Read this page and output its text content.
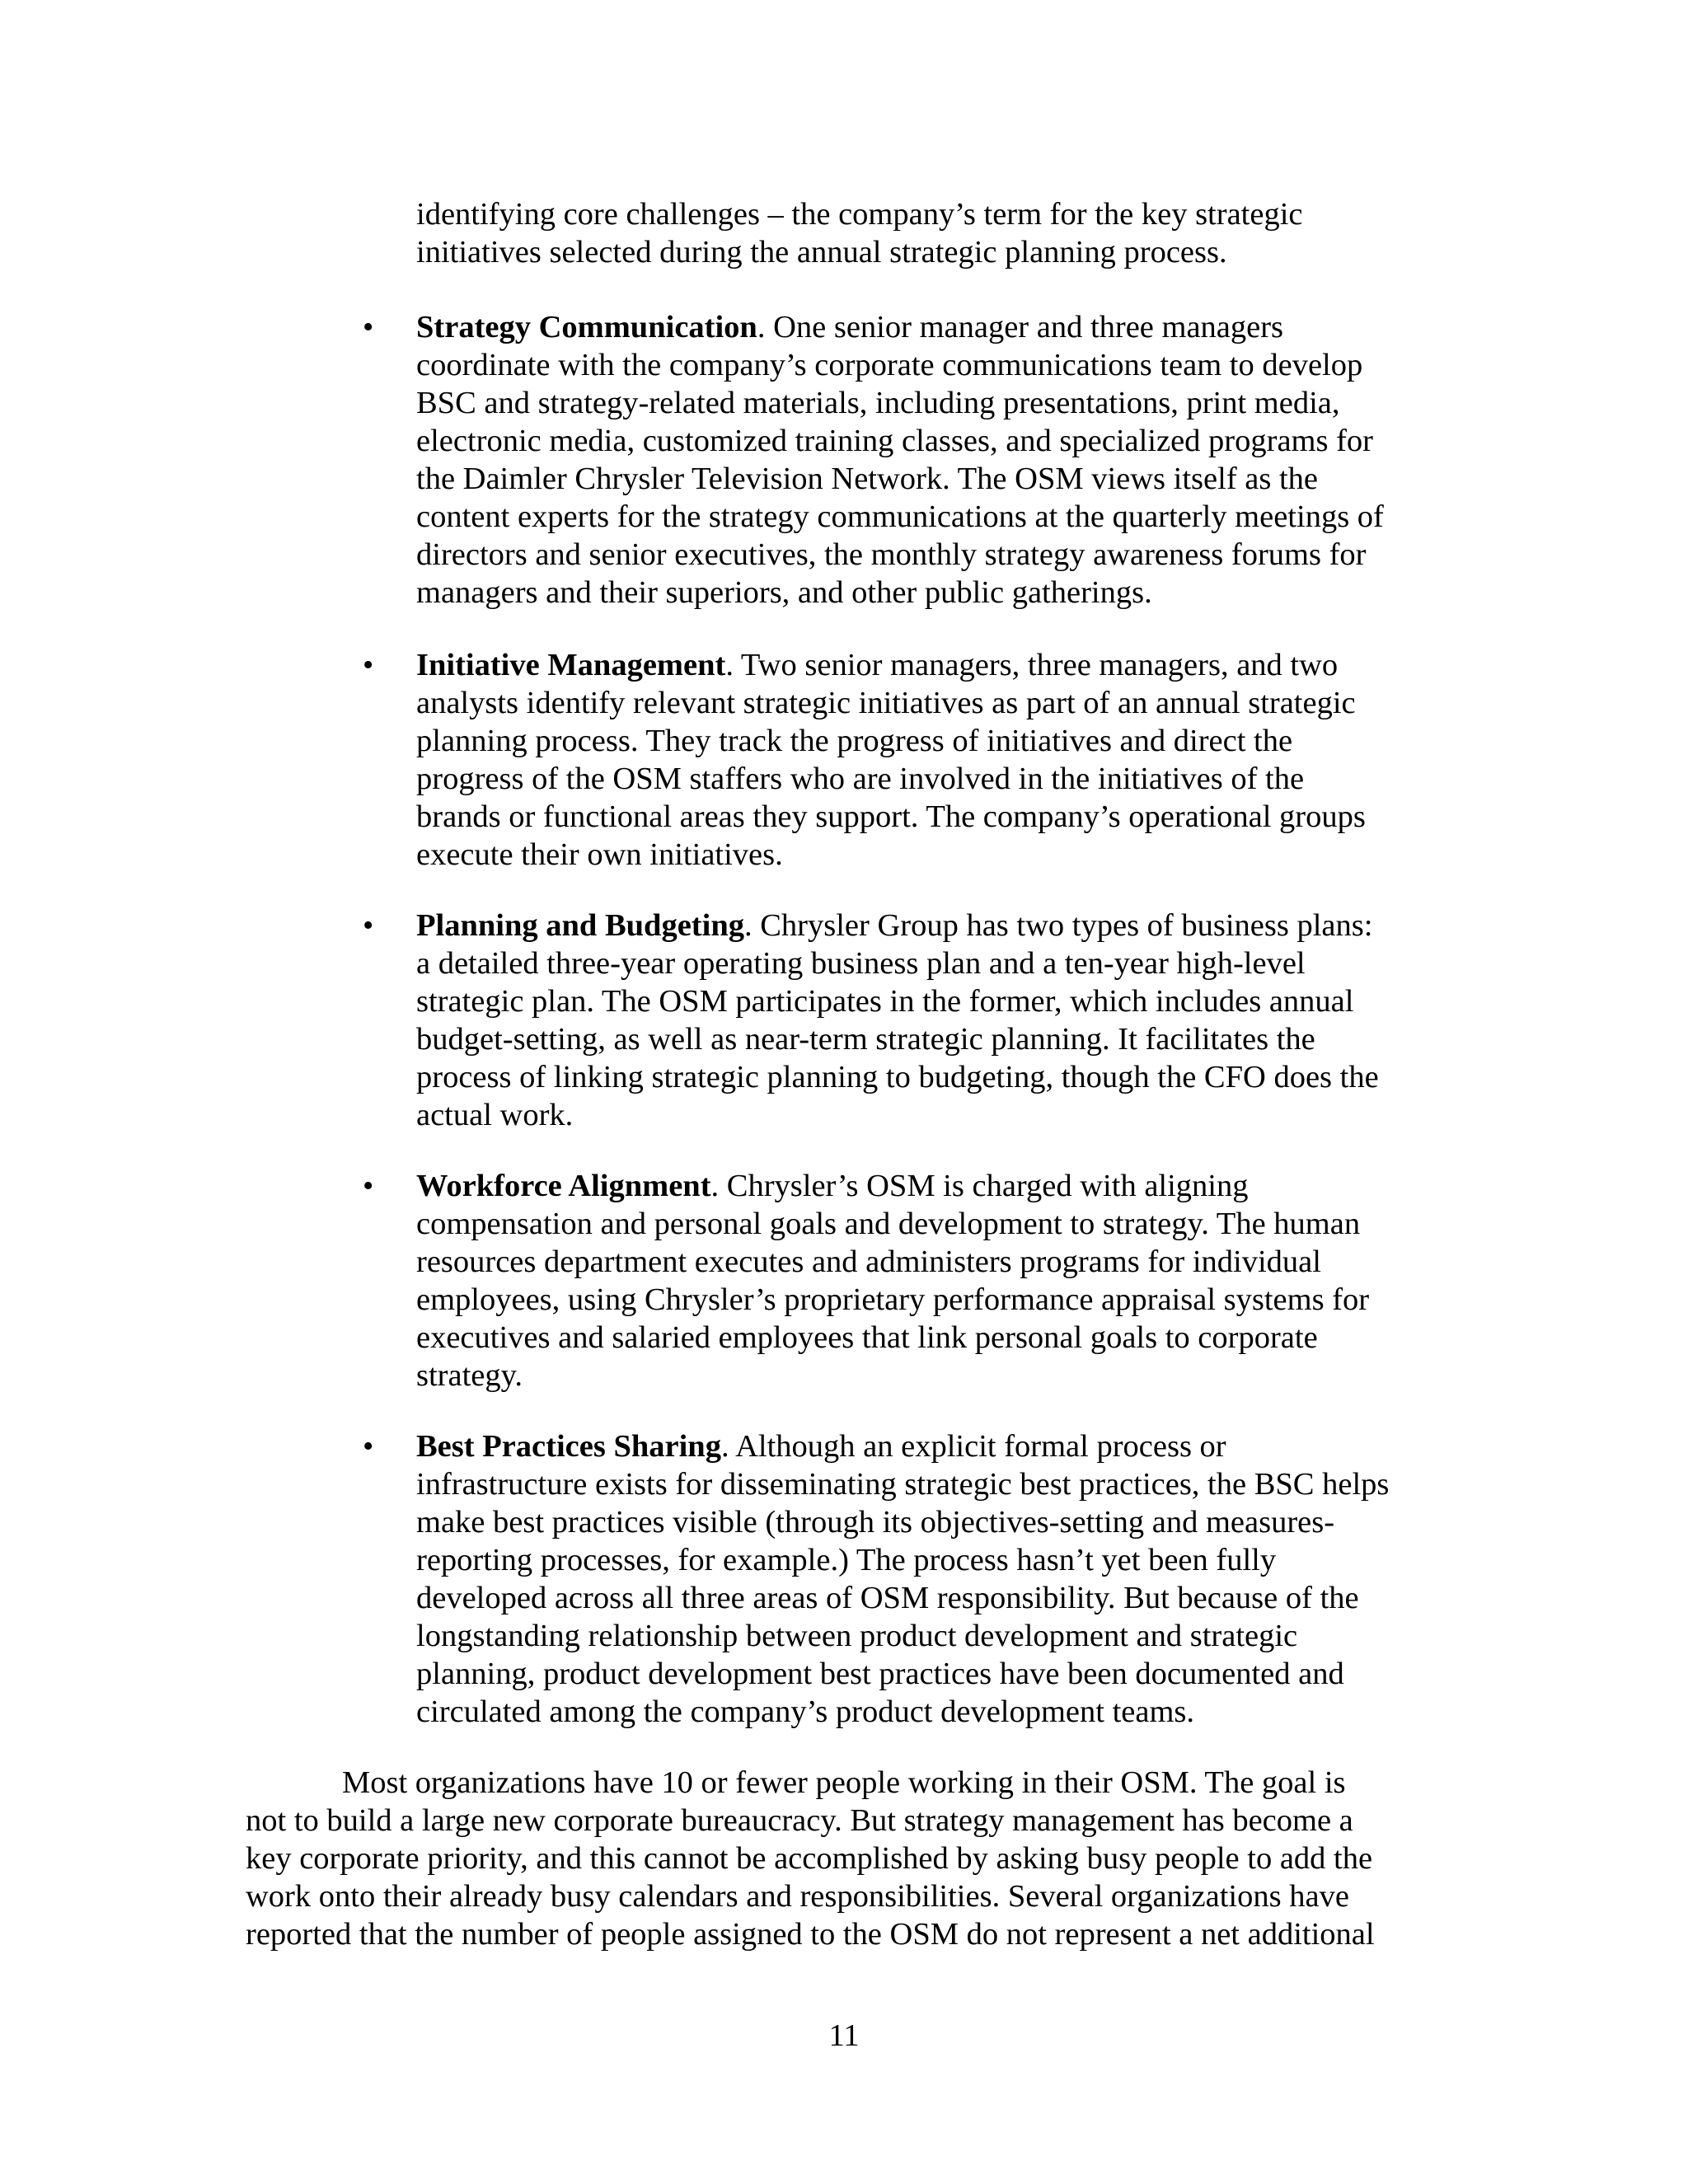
identifying core challenges – the company’s term for the key strategic
initiatives selected during the annual strategic planning process.
• Strategy Communication. One senior manager and three managers
coordinate with the company’s corporate communications team to develop
BSC and strategy-related materials, including presentations, print media,
electronic media, customized training classes, and specialized programs for
the Daimler Chrysler Television Network. The OSM views itself as the
content experts for the strategy communications at the quarterly meetings of
directors and senior executives, the monthly strategy awareness forums for
managers and their superiors, and other public gatherings.
• Initiative Management. Two senior managers, three managers, and two
analysts identify relevant strategic initiatives as part of an annual strategic
planning process. They track the progress of initiatives and direct the
progress of the OSM staffers who are involved in the initiatives of the
brands or functional areas they support. The company’s operational groups
execute their own initiatives.
• Planning and Budgeting. Chrysler Group has two types of business plans:
a detailed three-year operating business plan and a ten-year high-level
strategic plan. The OSM participates in the former, which includes annual
budget-setting, as well as near-term strategic planning. It facilitates the
process of linking strategic planning to budgeting, though the CFO does the
actual work.
• Workforce Alignment. Chrysler’s OSM is charged with aligning
compensation and personal goals and development to strategy. The human
resources department executes and administers programs for individual
employees, using Chrysler’s proprietary performance appraisal systems for
executives and salaried employees that link personal goals to corporate
strategy.
• Best Practices Sharing. Although an explicit formal process or
infrastructure exists for disseminating strategic best practices, the BSC helps
make best practices visible (through its objectives-setting and measures-
reporting processes, for example.) The process hasn’t yet been fully
developed across all three areas of OSM responsibility. But because of the
longstanding relationship between product development and strategic
planning, product development best practices have been documented and
circulated among the company’s product development teams.
Most organizations have 10 or fewer people working in their OSM. The goal is
not to build a large new corporate bureaucracy. But strategy management has become a
key corporate priority, and this cannot be accomplished by asking busy people to add the
work onto their already busy calendars and responsibilities. Several organizations have
reported that the number of people assigned to the OSM do not represent a net additional
11
